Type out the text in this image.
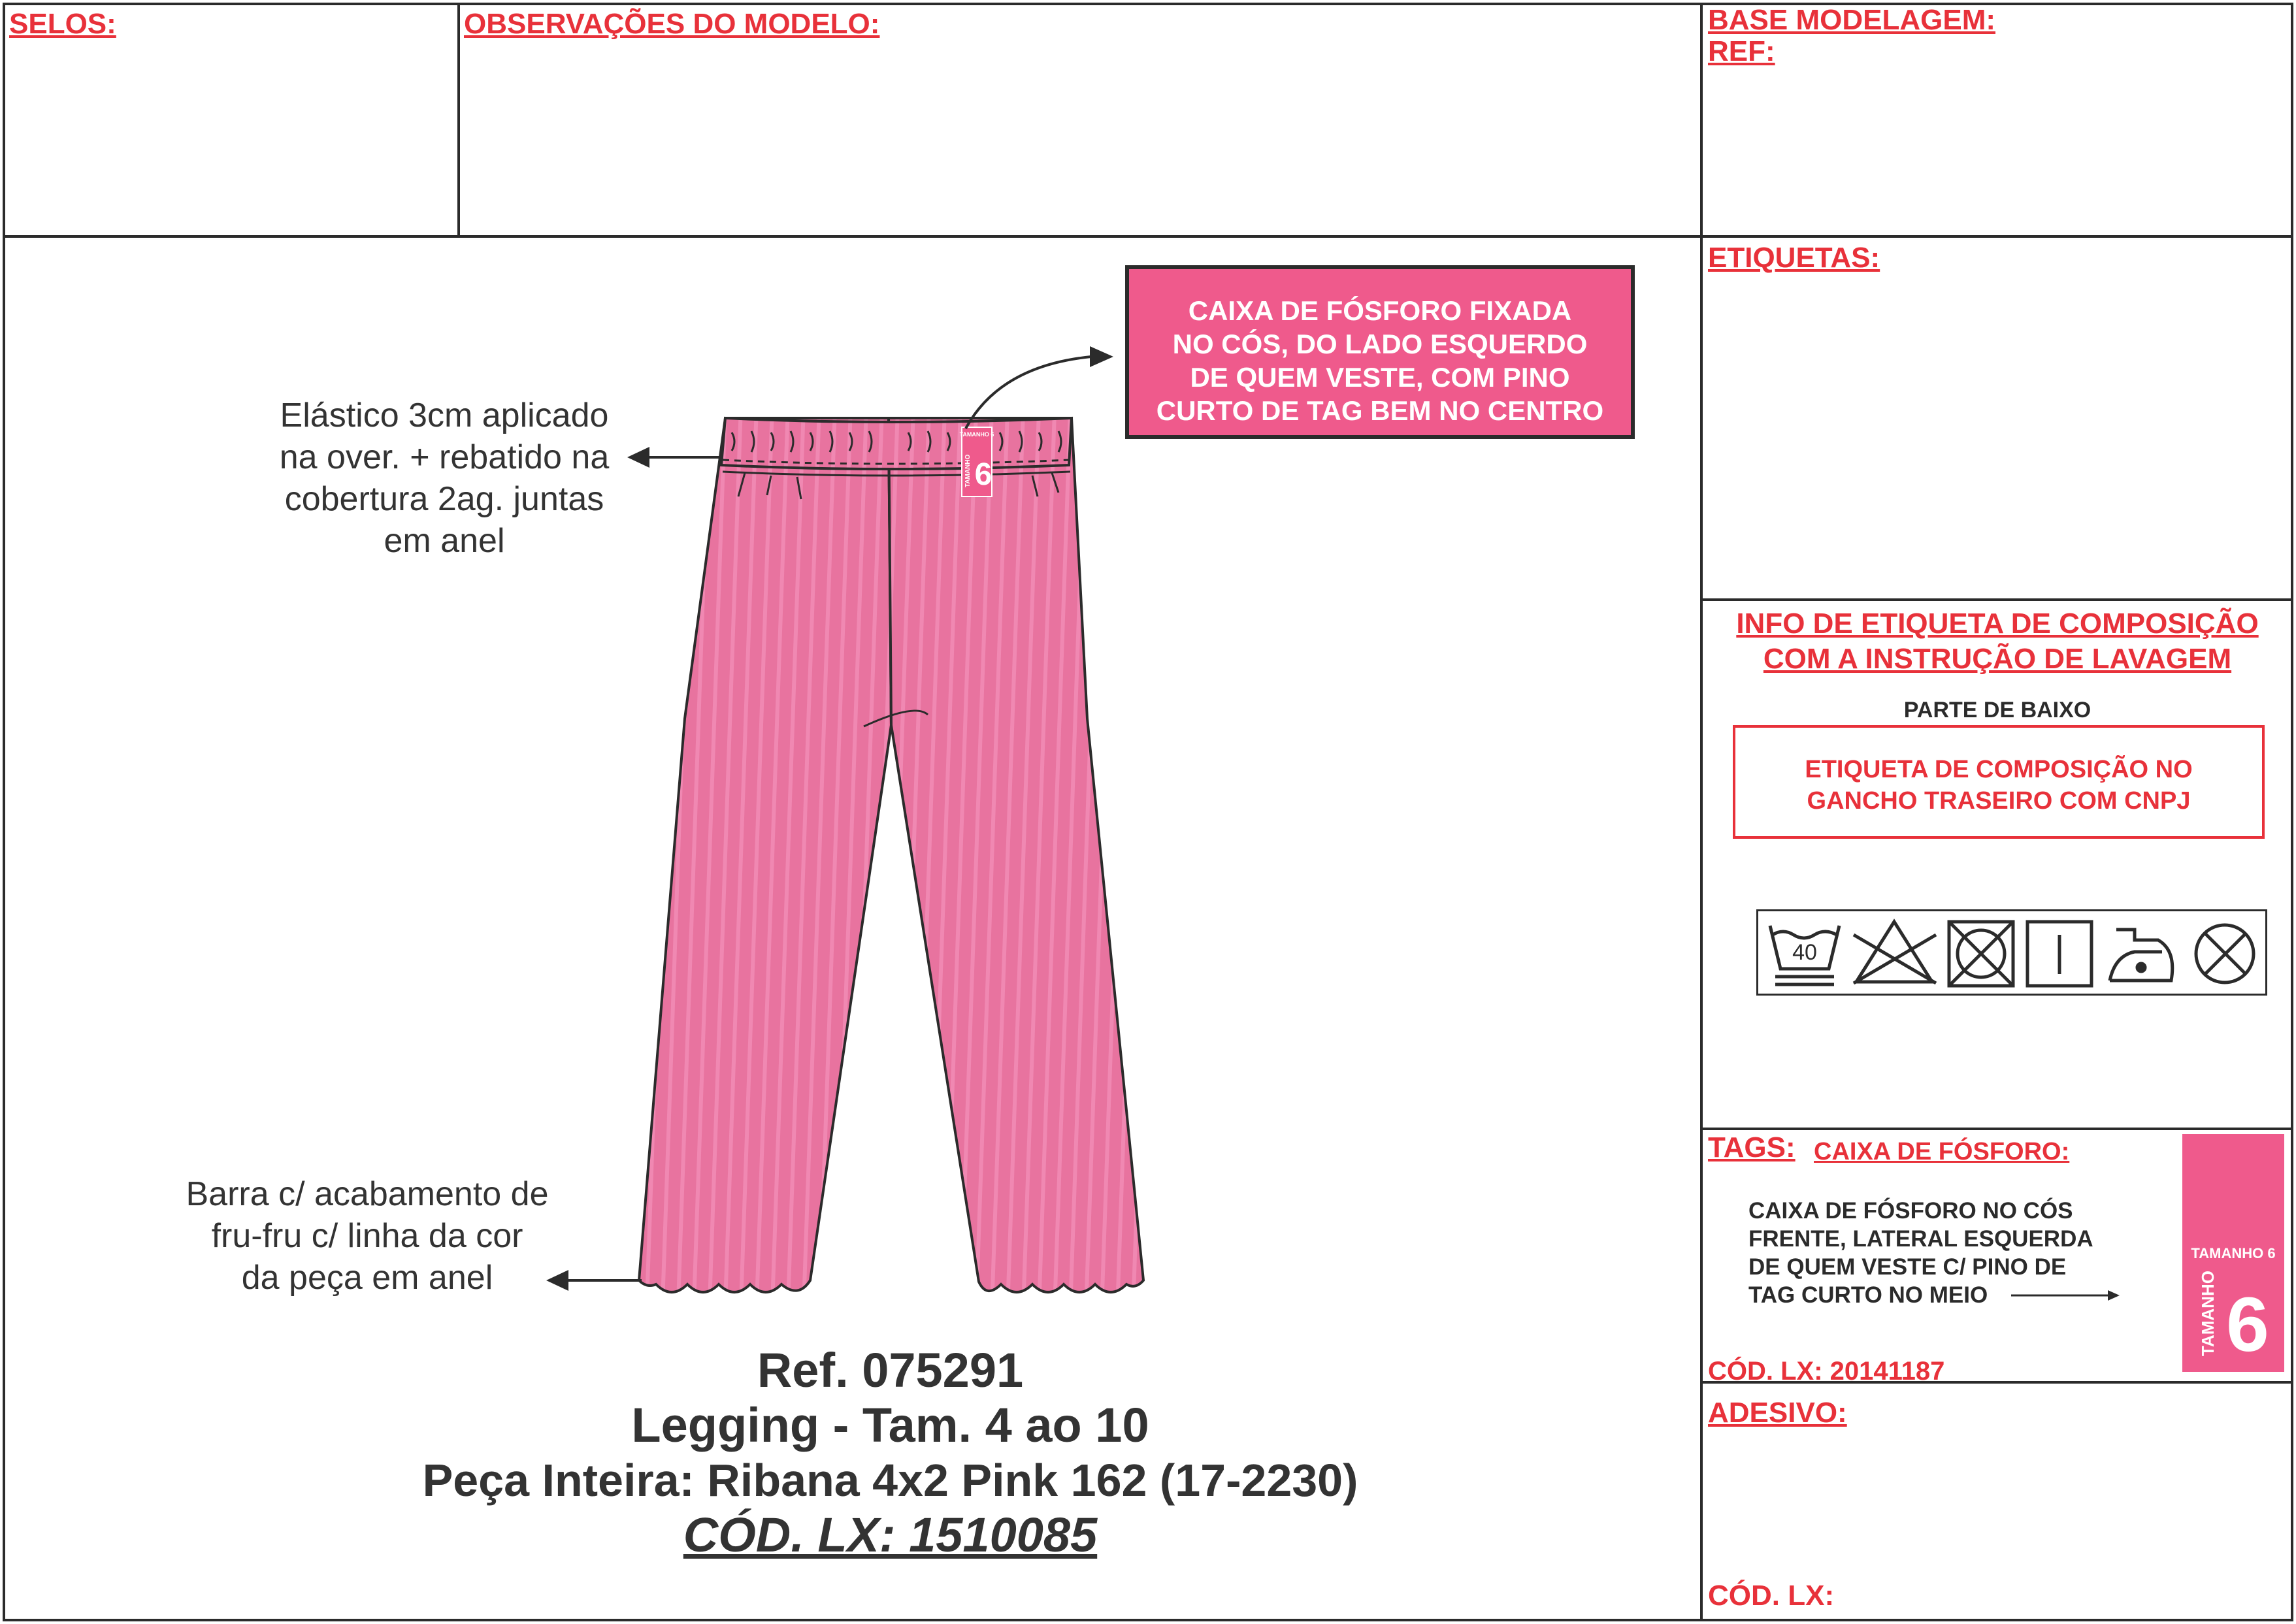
SELOS:	OBSERVAÇÕES DO MODELO:	BASE MODELAGEM:
REF:
ETIQUETAS:
INFO DE ETIQUETA DE COMPOSIÇÃO
COM A INSTRUÇÃO DE LAVAGEM
PARTE DE BAIXO
ETIQUETA DE COMPOSIÇÃO NO
GANCHO TRASEIRO COM CNPJ
40
TAGS: CAIXA DE FÓSFORO:
CAIXA DE FÓSFORO NO CÓS
FRENTE, LATERAL ESQUERDA
DE QUEM VESTE C/ PINO DE
TAG CURTO NO MEIO
TAMANHO 6
6
TAMANHO
CÓD. LX: 20141187
ADESIVO:
CÓD. LX:
CAIXA DE FÓSFORO FIXADA
NO CÓS, DO LADO ESQUERDO
DE QUEM VESTE, COM PINO
CURTO DE TAG BEM NO CENTRO
Elástico 3cm aplicado
na over. + rebatido na
cobertura 2ag. juntas
em anel
Barra c/ acabamento de
fru-fru c/ linha da cor
da peça em anel
TAMANHO 6
6
TAMANHO
Ref. 075291
Legging - Tam. 4 ao 10
Peça Inteira: Ribana 4x2 Pink 162 (17-2230)
CÓD. LX: 1510085
